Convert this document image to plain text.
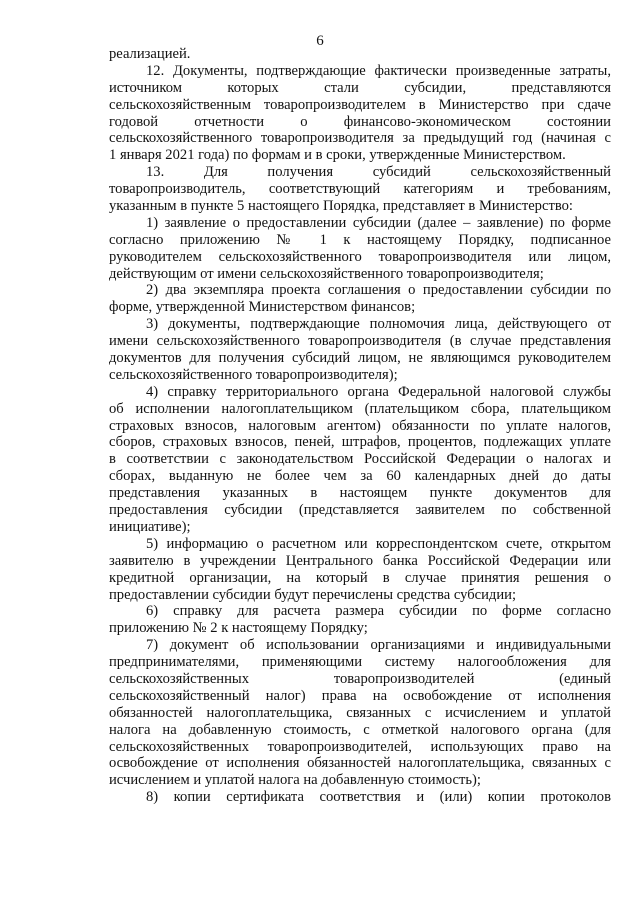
6
реализацией.
12. Документы, подтверждающие фактически произведенные затраты,
источником которых стали субсидии, представляются
сельскохозяйственным товаропроизводителем в Министерство при сдаче
годовой отчетности о финансово-экономическом состоянии
сельскохозяйственного товаропроизводителя за предыдущий год (начиная с
1 января 2021 года) по формам и в сроки, утвержденные Министерством.
13. Для получения субсидий сельскохозяйственный
товаропроизводитель, соответствующий категориям и требованиям,
указанным в пункте 5 настоящего Порядка, представляет в Министерство:
1) заявление о предоставлении субсидии (далее – заявление) по форме
согласно приложению № 1 к настоящему Порядку, подписанное
руководителем сельскохозяйственного товаропроизводителя или лицом,
действующим от имени сельскохозяйственного товаропроизводителя;
2) два экземпляра проекта соглашения о предоставлении субсидии по
форме, утвержденной Министерством финансов;
3) документы, подтверждающие полномочия лица, действующего от
имени сельскохозяйственного товаропроизводителя (в случае представления
документов для получения субсидий лицом, не являющимся руководителем
сельскохозяйственного товаропроизводителя);
4) справку территориального органа Федеральной налоговой службы
об исполнении налогоплательщиком (плательщиком сбора, плательщиком
страховых взносов, налоговым агентом) обязанности по уплате налогов,
сборов, страховых взносов, пеней, штрафов, процентов, подлежащих уплате
в соответствии с законодательством Российской Федерации о налогах и
сборах, выданную не более чем за 60 календарных дней до даты
представления указанных в настоящем пункте документов для
предоставления субсидии (представляется заявителем по собственной
инициативе);
5) информацию о расчетном или корреспондентском счете, открытом
заявителю в учреждении Центрального банка Российской Федерации или
кредитной организации, на который в случае принятия решения о
предоставлении субсидии будут перечислены средства субсидии;
6) справку для расчета размера субсидии по форме согласно
приложению № 2 к настоящему Порядку;
7) документ об использовании организациями и индивидуальными
предпринимателями, применяющими систему налогообложения для
сельскохозяйственных товаропроизводителей (единый
сельскохозяйственный налог) права на освобождение от исполнения
обязанностей налогоплательщика, связанных с исчислением и уплатой
налога на добавленную стоимость, с отметкой налогового органа (для
сельскохозяйственных товаропроизводителей, использующих право на
освобождение от исполнения обязанностей налогоплательщика, связанных с
исчислением и уплатой налога на добавленную стоимость);
8) копии сертификата соответствия и (или) копии протоколов
